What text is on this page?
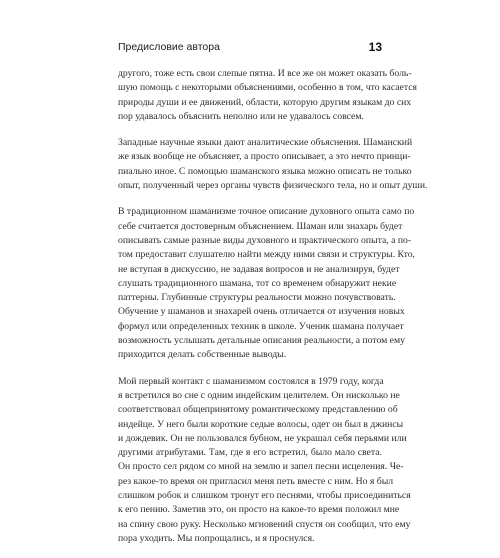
Предисловие автора	13

другого, тоже есть свои слепые пятна. И все же он может оказать боль-
шую помощь с некоторыми объяснениями, особенно в том, что касается
природы души и ее движений, области, которую другим языкам до сих
пор удавалось объяснить неполно или не удавалось совсем.

Западные научные языки дают аналитические объяснения. Шаманский
же язык вообще не объясняет, а просто описывает, а это нечто принци-
пиально иное. С помощью шаманского языка можно описать не только
опыт, полученный через органы чувств физического тела, но и опыт души.

В традиционном шаманизме точное описание духовного опыта само по
себе считается достоверным объяснением. Шаман или знахарь будет
описывать самые разные виды духовного и практического опыта, а по-
том предоставит слушателю найти между ними связи и структуры. Кто,
не вступая в дискуссию, не задавая вопросов и не анализируя, будет
слушать традиционного шамана, тот со временем обнаружит некие
паттерны. Глубинные структуры реальности можно почувствовать.
Обучение у шаманов и знахарей очень отличается от изучения новых
формул или определенных техник в школе. Ученик шамана получает
возможность услышать детальные описания реальности, а потом ему
приходится делать собственные выводы.

Мой первый контакт с шаманизмом состоялся в 1979 году, когда
я встретился во сне с одним индейским целителем. Он нисколько не
соответствовал общепринятому романтическому представлению об
индейце. У него были короткие седые волосы, одет он был в джинсы
и дождевик. Он не пользовался бубном, не украшал себя перьями или
другими атрибутами. Там, где я его встретил, было мало света.
Он просто сел рядом со мной на землю и запел песни исцеления. Че-
рез какое-то время он пригласил меня петь вместе с ним. Но я был
слишком робок и слишком тронут его песнями, чтобы присоединиться
к его пению. Заметив это, он просто на какое-то время положил мне
на спину свою руку. Несколько мгновений спустя он сообщил, что ему
пора уходить. Мы попрощались, и я проснулся.
